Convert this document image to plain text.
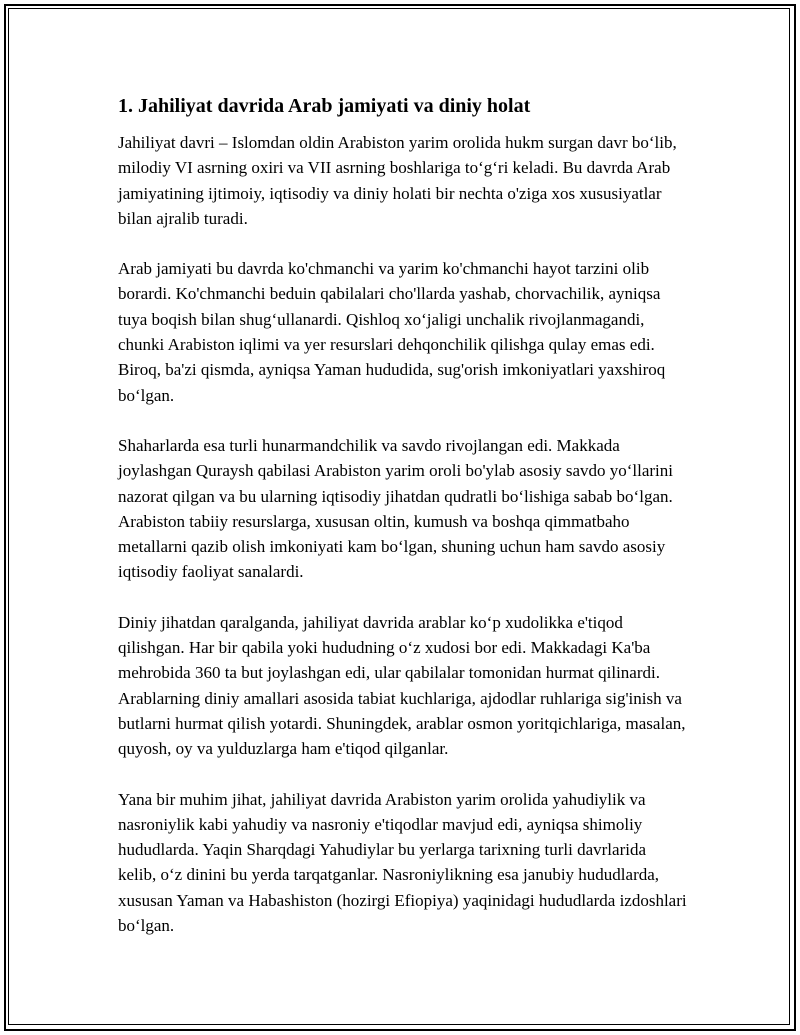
1. Jahiliyat davrida Arab jamiyati va diniy holat

Jahiliyat davri – Islomdan oldin Arabiston yarim orolida hukm surgan davr bo‘lib, milodiy VI asrning oxiri va VII asrning boshlariga to‘g‘ri keladi. Bu davrda Arab jamiyatining ijtimoiy, iqtisodiy va diniy holati bir nechta o'ziga xos xususiyatlar bilan ajralib turadi.

Arab jamiyati bu davrda ko'chmanchi va yarim ko'chmanchi hayot tarzini olib borardi. Ko'chmanchi beduin qabilalari cho'llarda yashab, chorvachilik, ayniqsa tuya boqish bilan shug‘ullanardi. Qishloq xo‘jaligi unchalik rivojlanmagandi, chunki Arabiston iqlimi va yer resurslari dehqonchilik qilishga qulay emas edi. Biroq, ba'zi qismda, ayniqsa Yaman hududida, sug'orish imkoniyatlari yaxshiroq bo‘lgan.

Shaharlarda esa turli hunarmandchilik va savdo rivojlangan edi. Makkada joylashgan Quraysh qabilasi Arabiston yarim oroli bo'ylab asosiy savdo yo‘llarini nazorat qilgan va bu ularning iqtisodiy jihatdan qudratli bo‘lishiga sabab bo‘lgan. Arabiston tabiiy resurslarga, xususan oltin, kumush va boshqa qimmatbaho metallarni qazib olish imkoniyati kam bo‘lgan, shuning uchun ham savdo asosiy iqtisodiy faoliyat sanalardi.

Diniy jihatdan qaralganda, jahiliyat davrida arablar ko‘p xudolikka e'tiqod qilishgan. Har bir qabila yoki hududning o‘z xudosi bor edi. Makkadagi Ka'ba mehrobida 360 ta but joylashgan edi, ular qabilalar tomonidan hurmat qilinardi. Arablarning diniy amallari asosida tabiat kuchlariga, ajdodlar ruhlariga sig'inish va butlarni hurmat qilish yotardi. Shuningdek, arablar osmon yoritqichlariga, masalan, quyosh, oy va yulduzlarga ham e'tiqod qilganlar.

Yana bir muhim jihat, jahiliyat davrida Arabiston yarim orolida yahudiylik va nasroniylik kabi yahudiy va nasroniy e'tiqodlar mavjud edi, ayniqsa shimoliy hududlarda. Yaqin Sharqdagi Yahudiylar bu yerlarga tarixning turli davrlarida kelib, o‘z dinini bu yerda tarqatganlar. Nasroniylikning esa janubiy hududlarda, xususan Yaman va Habashiston (hozirgi Efiopiya) yaqinidagi hududlarda izdoshlari bo‘lgan.
